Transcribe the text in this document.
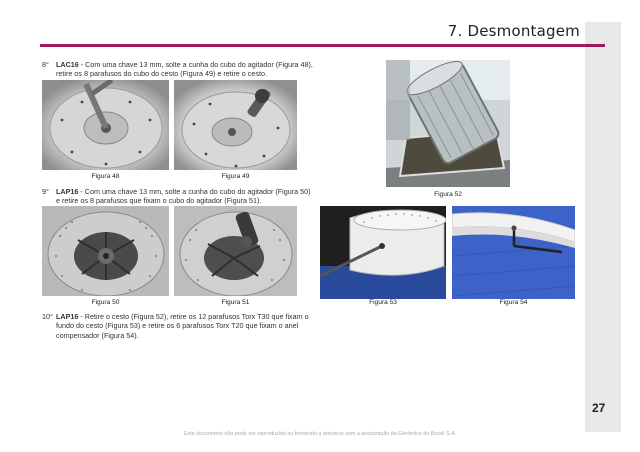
7. Desmontagem
8° LAC16 - Com uma chave 13 mm, solte a cunha do cubo do agitador (Figura 48), retire os 8 parafusos do cubo do cesto (Figura 49) e retire o cesto.
Figura 48	Figura 49
9° LAP16 - Com uma chave 13 mm, solte a cunha do cubo do agitador (Figura 50) e retire os 8 parafusos que fixam o cubo do agitador (Figura 51).
Figura 50	Figura 51
10° LAP16 - Retire o cesto (Figura 52), retire os 12 parafusos Torx T30 que fixam o fundo do cesto (Figura 53) e retire os 6 parafusos Torx T20 que fixam o anel compensador (Figura 54).
Figura 52
Figura 53	Figura 54
27
Este documento não pode ser reproduzido ou fornecido a terceiros sem a autorização da Electrolux do Brasil S.A.
